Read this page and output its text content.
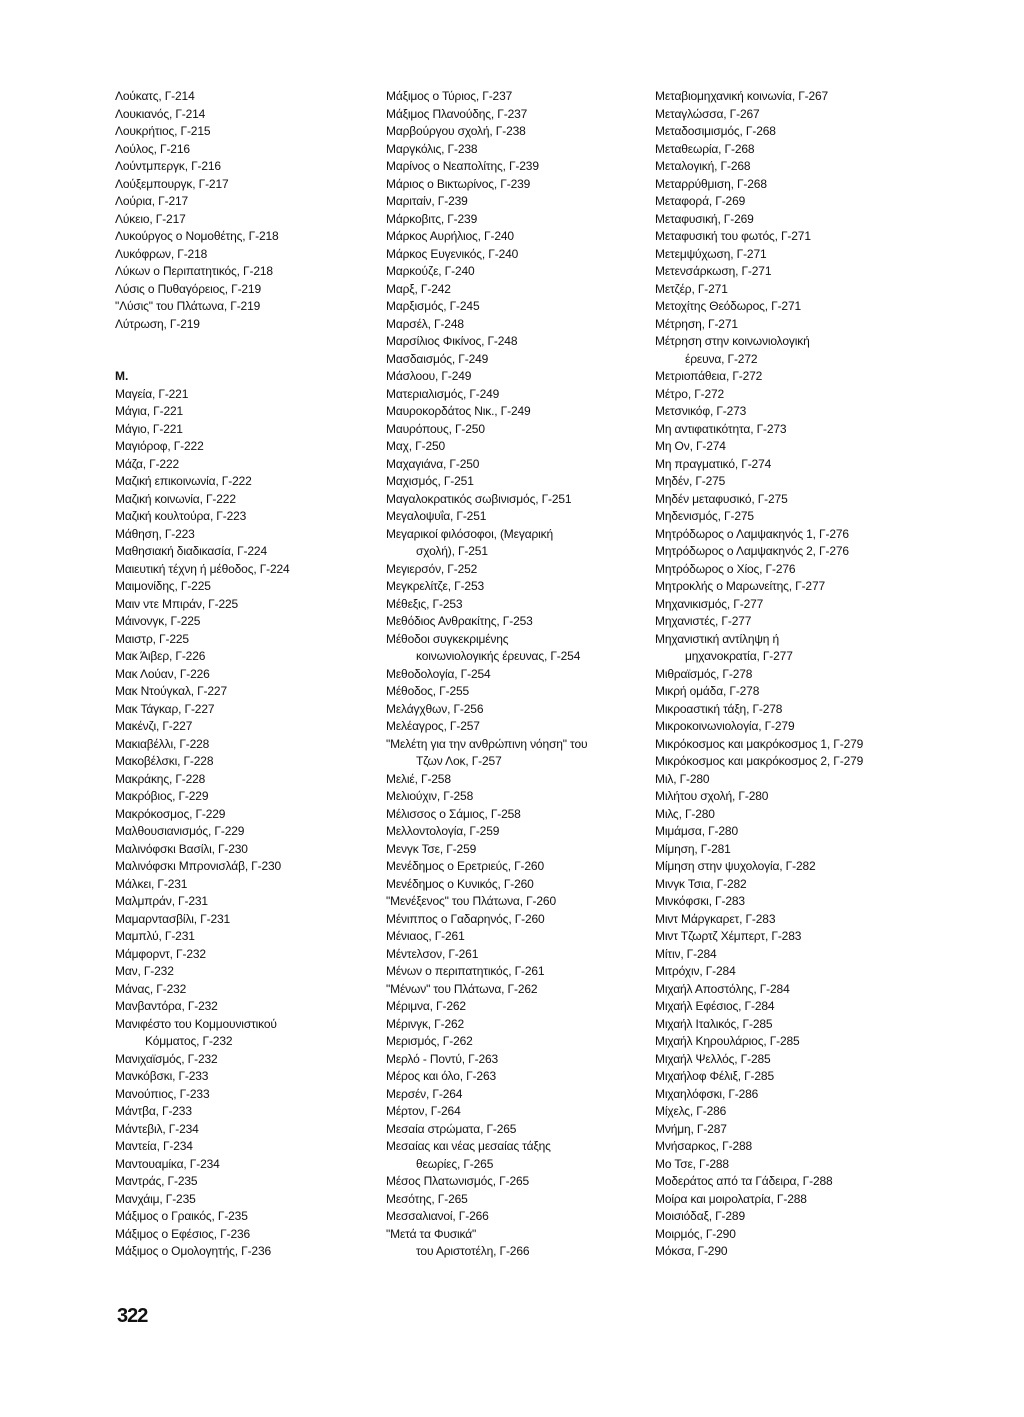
Λούκατς, Γ-214
Λουκιανός, Γ-214
Λουκρήτιος, Γ-215
Λούλος, Γ-216
Λούντμπεργκ, Γ-216
Λούξεμπουργκ, Γ-217
Λούρια, Γ-217
Λύκειο, Γ-217
Λυκούργος ο Νομοθέτης, Γ-218
Λυκόφρων, Γ-218
Λύκων ο Περιπατητικός, Γ-218
Λύσις ο Πυθαγόρειος, Γ-219
"Λύσις" του Πλάτωνα, Γ-219
Λύτρωση, Γ-219
Μ.
Μαγεία, Γ-221
Μάγια, Γ-221
Μάγιο, Γ-221
Μαγιόροφ, Γ-222
Μάζα, Γ-222
Μαζική επικοινωνία, Γ-222
Μαζική κοινωνία, Γ-222
Μαζική κουλτούρα, Γ-223
Μάθηση, Γ-223
Μαθησιακή διαδικασία, Γ-224
Μαιευτική τέχνη ή μέθοδος, Γ-224
Μαιμονίδης, Γ-225
Μαιν ντε Μπιράν, Γ-225
Μάινονγκ, Γ-225
Μαιστρ, Γ-225
Μακ Άιβερ, Γ-226
Μακ Λούαν, Γ-226
Μακ Ντούγκαλ, Γ-227
Μακ Τάγκαρ, Γ-227
Μακένζι, Γ-227
Μακιαβέλλι, Γ-228
Μακοβέλσκι, Γ-228
Μακράκης, Γ-228
Μακρόβιος, Γ-229
Μακρόκοσμος, Γ-229
Μαλθουσιανισμός, Γ-229
Μαλινόφσκι Βασίλι, Γ-230
Μαλινόφσκι Μπρονισλάβ, Γ-230
Μάλκει, Γ-231
Μαλμπράν, Γ-231
Μαμαρντασβίλι, Γ-231
Μαμπλύ, Γ-231
Μάμφορντ, Γ-232
Μαν, Γ-232
Μάνας, Γ-232
Μανβαντόρα, Γ-232
Μανιφέστο του Κομμουνιστικού
Κόμματος, Γ-232
Μανιχαϊσμός, Γ-232
Μανκόβσκι, Γ-233
Μανούπιος, Γ-233
Μάντβα, Γ-233
Μάντεβιλ, Γ-234
Μαντεία, Γ-234
Μαντουαμίκα, Γ-234
Μαντράς, Γ-235
Μανχάιμ, Γ-235
Μάξιμος ο Γραικός, Γ-235
Μάξιμος ο Εφέσιος, Γ-236
Μάξιμος ο Ομολογητής, Γ-236
Μάξιμος ο Τύριος, Γ-237
Μάξιμος Πλανούδης, Γ-237
Μαρβούργου σχολή, Γ-238
Μαργκόλις, Γ-238
Μαρίνος ο Νεαπολίτης, Γ-239
Μάριος ο Βικτωρίνος, Γ-239
Μαριταίν, Γ-239
Μάρκοβιτς, Γ-239
Μάρκος Αυρήλιος, Γ-240
Μάρκος Ευγενικός, Γ-240
Μαρκούζε, Γ-240
Μαρξ, Γ-242
Μαρξισμός, Γ-245
Μαρσέλ, Γ-248
Μαρσίλιος Φικίνος, Γ-248
Μασδαισμός, Γ-249
Μάσλοου, Γ-249
Ματεριαλισμός, Γ-249
Μαυροκορδάτος Νικ., Γ-249
Μαυρόπους, Γ-250
Μαχ, Γ-250
Μαχαγιάνα, Γ-250
Μαχισμός, Γ-251
Μαγαλοκρατικός σωβινισμός, Γ-251
Μεγαλοψυΐα, Γ-251
Μεγαρικοί φιλόσοφοι, (Μεγαρική
σχολή), Γ-251
Μεγιερσόν, Γ-252
Μεγκρελίτζε, Γ-253
Μέθεξις, Γ-253
Μεθόδιος Ανθρακίτης, Γ-253
Μέθοδοι συγκεκριμένης
κοινωνιολογικής έρευνας, Γ-254
Μεθοδολογία, Γ-254
Μέθοδος, Γ-255
Μελάγχθων, Γ-256
Μελέαγρος, Γ-257
"Μελέτη για την ανθρώπινη νόηση" του
Τζων Λοκ, Γ-257
Μελιέ, Γ-258
Μελιούχιν, Γ-258
Μέλισσος ο Σάμιος, Γ-258
Μελλοντολογία, Γ-259
Μενγκ Τσε, Γ-259
Μενέδημος ο Ερετριεύς, Γ-260
Μενέδημος ο Κυνικός, Γ-260
"Μενέξενος" του Πλάτωνα, Γ-260
Μένιππος ο Γαδαρηνός, Γ-260
Μένιαος, Γ-261
Μέντελσον, Γ-261
Μένων ο περιπατητικός, Γ-261
"Μένων" του Πλάτωνα, Γ-262
Μέριμνα, Γ-262
Μέρινγκ, Γ-262
Μερισμός, Γ-262
Μερλό - Ποντύ, Γ-263
Μέρος και όλο, Γ-263
Μερσέν, Γ-264
Μέρτον, Γ-264
Μεσαία στρώματα, Γ-265
Μεσαίας και νέας μεσαίας τάξης
θεωρίες, Γ-265
Μέσος Πλατωνισμός, Γ-265
Μεσότης, Γ-265
Μεσσαλιανοί, Γ-266
"Μετά τα Φυσικά"
του Αριστοτέλη, Γ-266
Μεταβιομηχανική κοινωνία, Γ-267
Μεταγλώσσα, Γ-267
Μεταδοσιμισμός, Γ-268
Μεταθεωρία, Γ-268
Μεταλογική, Γ-268
Μεταρρύθμιση, Γ-268
Μεταφορά, Γ-269
Μεταφυσική, Γ-269
Μεταφυσική του φωτός, Γ-271
Μετεμψύχωση, Γ-271
Μετενσάρκωση, Γ-271
Μετζέρ, Γ-271
Μετοχίτης Θεόδωρος, Γ-271
Μέτρηση, Γ-271
Μέτρηση στην κοινωνιολογική
έρευνα, Γ-272
Μετριοπάθεια, Γ-272
Μέτρο, Γ-272
Μετσνικόφ, Γ-273
Μη αντιφατικότητα, Γ-273
Μη Ον, Γ-274
Μη πραγματικό, Γ-274
Μηδέν, Γ-275
Μηδέν μεταφυσικό, Γ-275
Μηδενισμός, Γ-275
Μητρόδωρος ο Λαμψακηνός 1, Γ-276
Μητρόδωρος ο Λαμψακηνός 2, Γ-276
Μητρόδωρος ο Χίος, Γ-276
Μητροκλής ο Μαρωνείτης, Γ-277
Μηχανικισμός, Γ-277
Μηχανιστές, Γ-277
Μηχανιστική αντίληψη ή
μηχανοκρατία, Γ-277
Μιθραϊσμός, Γ-278
Μικρή ομάδα, Γ-278
Μικροαστική τάξη, Γ-278
Μικροκοινωνιολογία, Γ-279
Μικρόκοσμος και μακρόκοσμος 1, Γ-279
Μικρόκοσμος και μακρόκοσμος 2, Γ-279
Μιλ, Γ-280
Μιλήτου σχολή, Γ-280
Μιλς, Γ-280
Μιμάμσα, Γ-280
Μίμηση, Γ-281
Μίμηση στην ψυχολογία, Γ-282
Μινγκ Τσια, Γ-282
Μινκόφσκι, Γ-283
Μιντ Μάργκαρετ, Γ-283
Μιντ Τζωρτζ Χέμπερτ, Γ-283
Μίτιν, Γ-284
Μιτρόχιν, Γ-284
Μιχαήλ Αποστόλης, Γ-284
Μιχαήλ Εφέσιος, Γ-284
Μιχαήλ Ιταλικός, Γ-285
Μιχαήλ Κηρουλάριος, Γ-285
Μιχαήλ Ψελλός, Γ-285
Μιχαήλοφ Φέλιξ, Γ-285
Μιχαηλόφσκι, Γ-286
Μίχελς, Γ-286
Μνήμη, Γ-287
Μνήσαρκος, Γ-288
Μο Τσε, Γ-288
Μοδεράτος από τα Γάδειρα, Γ-288
Μοίρα και μοιρολατρία, Γ-288
Μοισιόδαξ, Γ-289
Μοιρμός, Γ-290
Μόκσα, Γ-290
322
